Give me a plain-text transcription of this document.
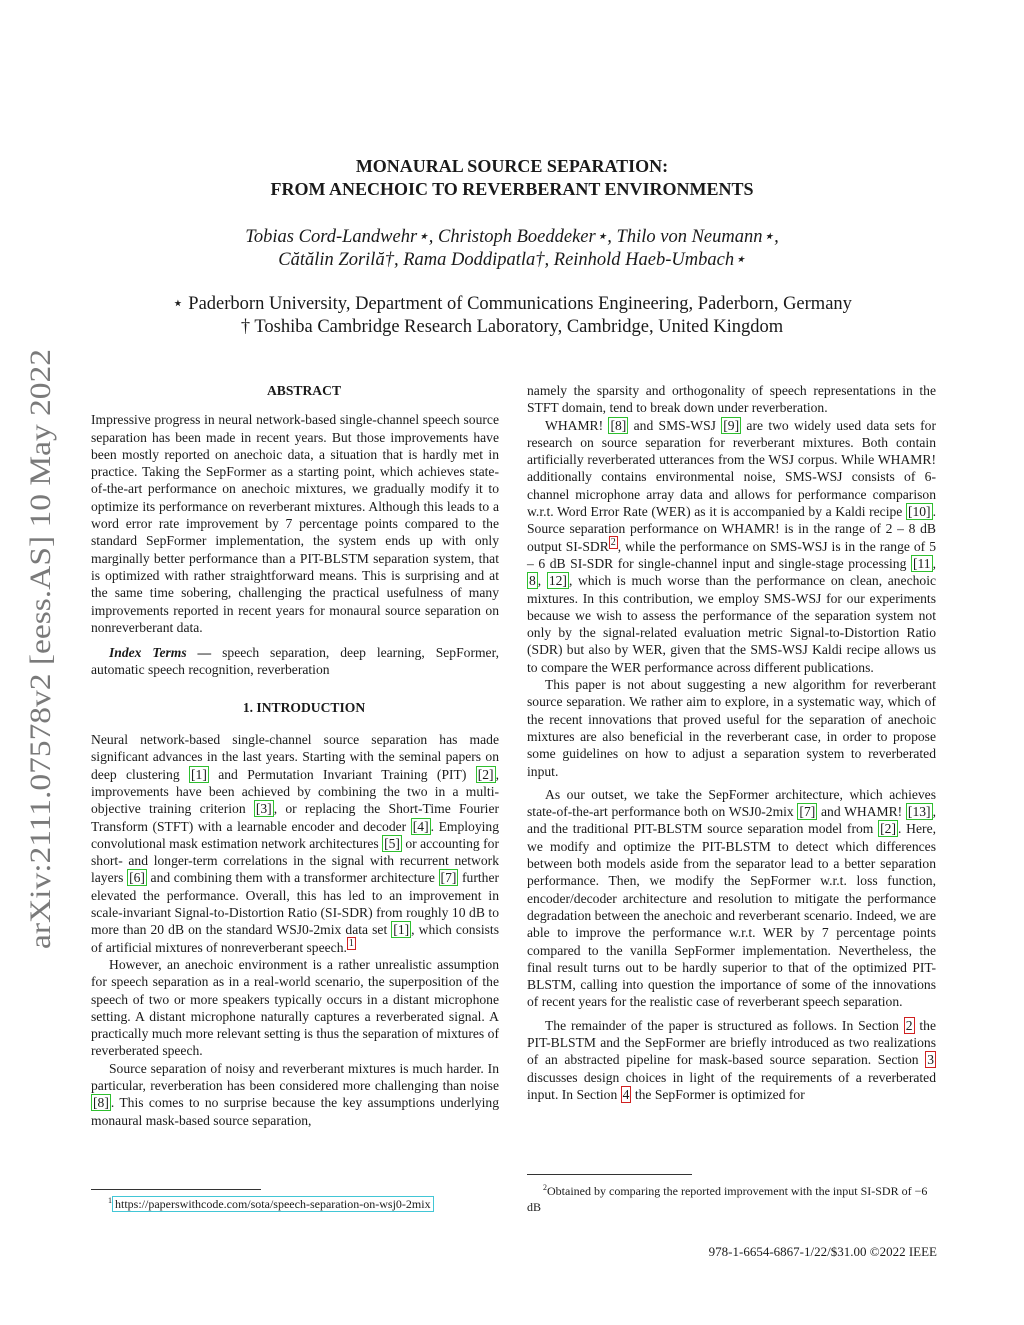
arXiv:2111.07578v2 [eess.AS] 10 May 2022
MONAURAL SOURCE SEPARATION:
FROM ANECHOIC TO REVERBERANT ENVIRONMENTS
Tobias Cord-Landwehr⋆, Christoph Boeddeker⋆, Thilo von Neumann⋆,
Cătălin Zorilă†, Rama Doddipatla†, Reinhold Haeb-Umbach⋆
⋆ Paderborn University, Department of Communications Engineering, Paderborn, Germany
† Toshiba Cambridge Research Laboratory, Cambridge, United Kingdom

ABSTRACT

Impressive progress in neural network-based single-channel speech source separation has been made in recent years. But those improvements have been mostly reported on anechoic data, a situation that is hardly met in practice. Taking the SepFormer as a starting point, which achieves state-of-the-art performance on anechoic mixtures, we gradually modify it to optimize its performance on reverberant mixtures. Although this leads to a word error rate improvement by 7 percentage points compared to the standard SepFormer implementation, the system ends up with only marginally better performance than a PIT-BLSTM separation system, that is optimized with rather straightforward means. This is surprising and at the same time sobering, challenging the practical usefulness of many improvements reported in recent years for monaural source separation on nonreverberant data.

Index Terms — speech separation, deep learning, SepFormer, automatic speech recognition, reverberation

1. INTRODUCTION

Neural network-based single-channel source separation has made significant advances in the last years. Starting with the seminal papers on deep clustering [1] and Permutation Invariant Training (PIT) [2] , improvements have been achieved by combining the two in a multi-objective training criterion [3] , or replacing the Short-Time Fourier Transform (STFT) with a learnable encoder and decoder [4] . Employing convolutional mask estimation network architectures [5] or accounting for short- and longer-term correlations in the signal with recurrent network layers [6] and combining them with a transformer architecture [7] further elevated the performance. Overall, this has led to an improvement in scale-invariant Signal-to-Distortion Ratio (SI-SDR) from roughly 10 dB to more than 20 dB on the standard WSJ0-2mix data set [1] , which consists of artificial mixtures of nonreverberant speech. $^1$

However, an anechoic environment is a rather unrealistic assumption for speech separation as in a real-world scenario, the superposition of the speech of two or more speakers typically occurs in a distant microphone setting. A distant microphone naturally captures a reverberated signal. A practically much more relevant setting is thus the separation of mixtures of reverberated speech.

Source separation of noisy and reverberant mixtures is much harder. In particular, reverberation has been considered more challenging than noise [8] . This comes to no surprise because the key assumptions underlying monaural mask-based source separation,

namely the sparsity and orthogonality of speech representations in the STFT domain, tend to break down under reverberation.

WHAMR! [8] and SMS-WSJ [9] are two widely used data sets for research on source separation for reverberant mixtures. Both contain artificially reverberated utterances from the WSJ corpus. While WHAMR! additionally contains environmental noise, SMS-WSJ consists of 6-channel microphone array data and allows for performance comparison w.r.t. Word Error Rate (WER) as it is accompanied by a Kaldi recipe [10] . Source separation performance on WHAMR! is in the range of 2 – 8 dB output SI-SDR $^2$ , while the performance on SMS-WSJ is in the range of 5 – 6 dB SI-SDR for single-channel input and single-stage processing [11 , 8 , 12] , which is much worse than the performance on clean, anechoic mixtures. In this contribution, we employ SMS-WSJ for our experiments because we wish to assess the performance of the separation system not only by the signal-related evaluation metric Signal-to-Distortion Ratio (SDR) but also by WER, given that the SMS-WSJ Kaldi recipe allows us to compare the WER performance across different publications.

This paper is not about suggesting a new algorithm for reverberant source separation. We rather aim to explore, in a systematic way, which of the recent innovations that proved useful for the separation of anechoic mixtures are also beneficial in the reverberant case, in order to propose some guidelines on how to adjust a separation system to reverberated input.

As our outset, we take the SepFormer architecture, which achieves state-of-the-art performance both on WSJ0-2mix [7] and WHAMR! [13] , and the traditional PIT-BLSTM source separation model from [2] . Here, we modify and optimize the PIT-BLSTM to detect which differences between both models aside from the separator lead to a better separation performance. Then, we modify the SepFormer w.r.t. loss function, encoder/decoder architecture and resolution to mitigate the performance degradation between the anechoic and reverberant scenario. Indeed, we are able to improve the performance w.r.t. WER by 7 percentage points compared to the vanilla SepFormer implementation. Nevertheless, the final result turns out to be hardly superior to that of the optimized PIT-BLSTM, calling into question the importance of some of the innovations of recent years for the realistic case of reverberant speech separation.

The remainder of the paper is structured as follows. In Section 2 the PIT-BLSTM and the SepFormer are briefly introduced as two realizations of an abstracted pipeline for mask-based source separation. Section 3 discusses design choices in light of the requirements of a reverberated input. In Section 4 the SepFormer is optimized for

$^1$ https://paperswithcode.com/sota/speech-separation-on-wsj0-2mix
$^2$Obtained by comparing the reported improvement with the input SI-SDR of −6 dB
978-1-6654-6867-1/22/$31.00 ©2022 IEEE
